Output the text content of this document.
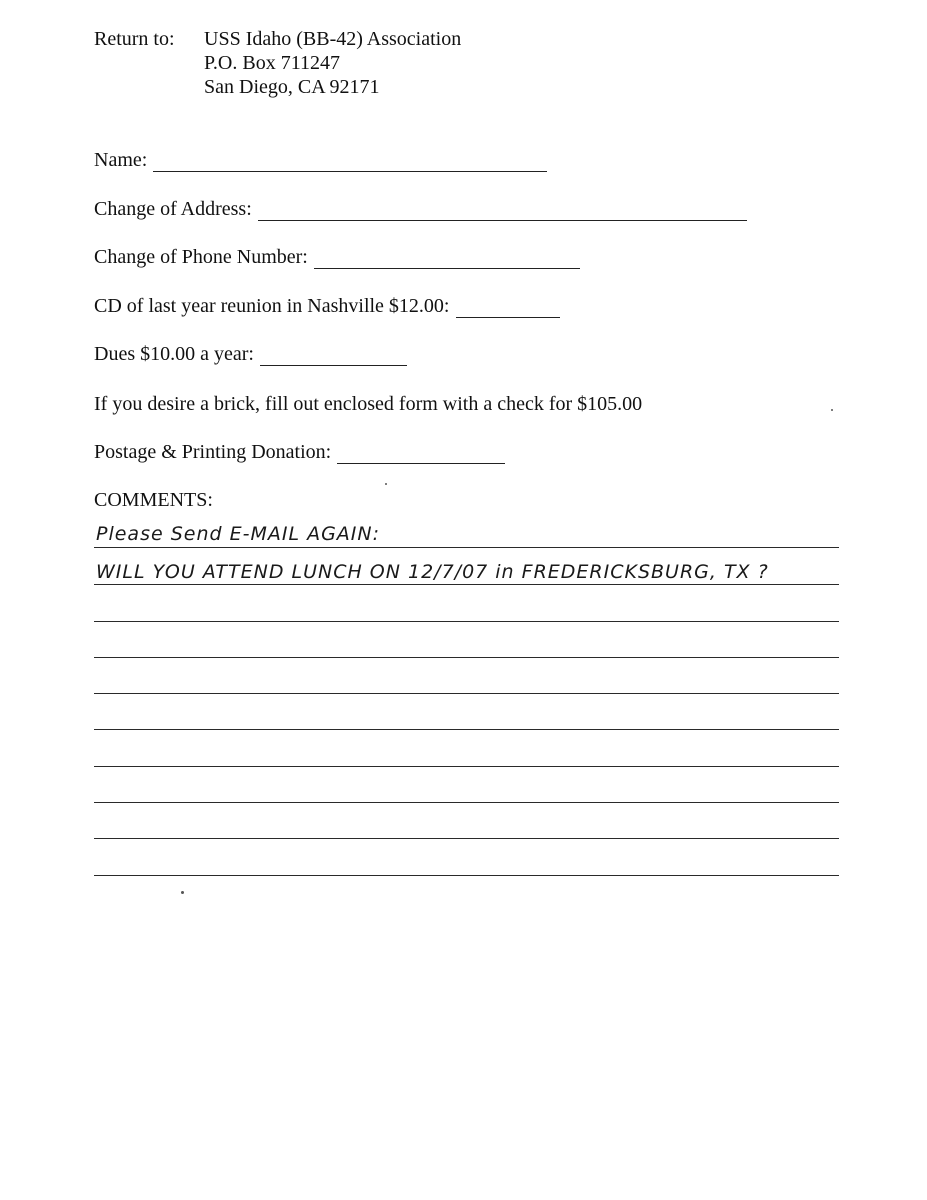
Return to: USS Idaho (BB-42) Association
P.O. Box 711247
San Diego, CA 92171
Name:
Change of Address:
Change of Phone Number:
CD of last year reunion in Nashville $12.00:
Dues $10.00 a year:
If you desire a brick, fill out enclosed form with a check for $105.00
Postage & Printing Donation:
COMMENTS:
Please Send E-MAIL AGAIN:
WILL YOU ATTEND LUNCH ON 12/7/07 in FREDERICKSBURG, TX ?
